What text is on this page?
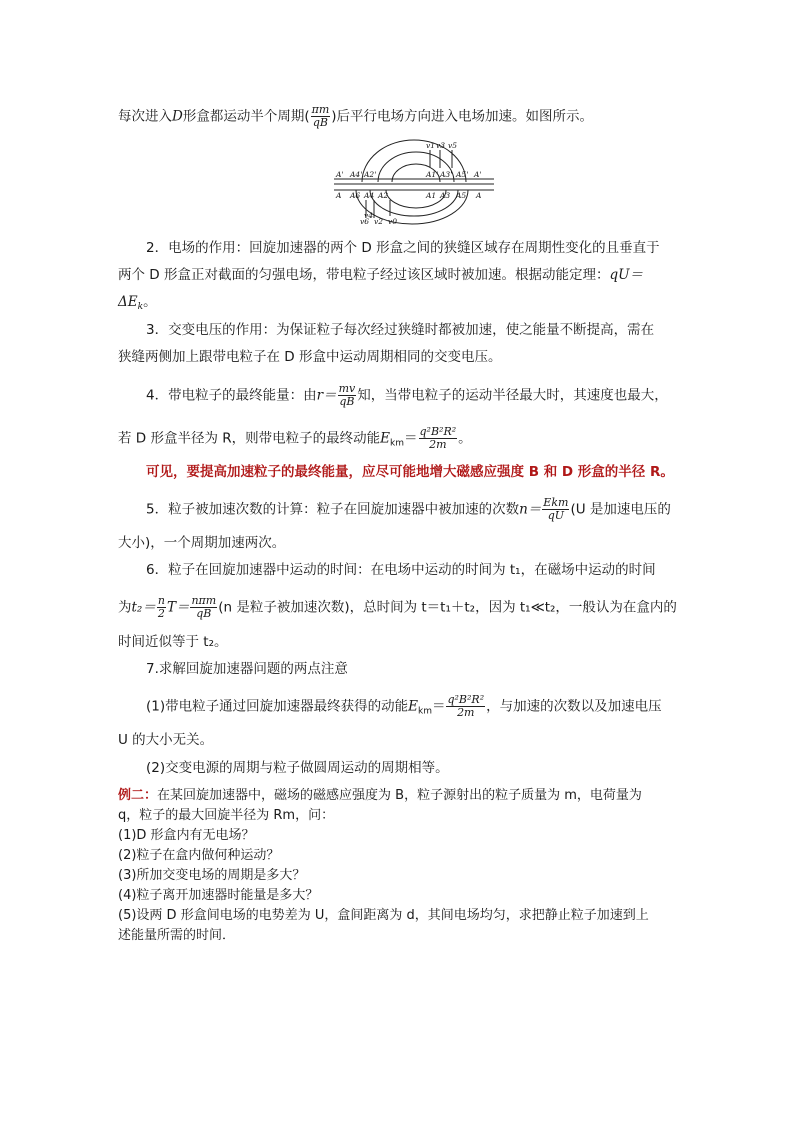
每次进入D形盒都运动半个周期( $\frac{\pi m}{qB}$ )后平行电场方向进入电场加速。如图所示。
v1 v3 v5
v6
v4
v2 v0
A' A4' A2'	A1' A3' A5' A'
A A6 A4 A2	A1 A3 A5 A
2．电场的作用：回旋加速器的两个 D 形盒之间的狭缝区域存在周期性变化的且垂直于
两个 D 形盒正对截面的匀强电场，带电粒子经过该区域时被加速。根据动能定理：qU＝
$\Delta E_k$。
3．交变电压的作用：为保证粒子每次经过狭缝时都被加速，使之能量不断提高，需在
狭缝两侧加上跟带电粒子在 D 形盒中运动周期相同的交变电压。
4．带电粒子的最终能量：由$r= \frac{mv}{qB}$ 知，当带电粒子的运动半径最大时，其速度也最大，
若 D 形盒半径为 R，则带电粒子的最终动能$E_{km}= \frac{\text{q²B²R²}}{2m}$ 。
可见，要提高加速粒子的最终能量，应尽可能地增大磁感应强度 B 和 D 形盒的半径 R。
5．粒子被加速次数的计算：粒子在回旋加速器中被加速的次数$n= \frac{\text{Ekm}}{qU} (U$ 是加速电压的
大小)，一个周期加速两次。
6．粒子在回旋加速器中运动的时间：在电场中运动的时间为 t₁，在磁场中运动的时间
为$t_2= \frac{n}{2} T= \frac{\text{nπm}}{qB} (n$ 是粒子被加速次数)，总时间为 t＝t₁＋t₂，因为 t₁≪t₂，一般认为在盒内的
时间近似等于 t₂。
7.求解回旋加速器问题的两点注意
(1)带电粒子通过回旋加速器最终获得的动能$E_{km}= \frac{\text{q²B²R²}}{2m}$ ，与加速的次数以及加速电压
U 的大小无关。
(2)交变电源的周期与粒子做圆周运动的周期相等。
例二：在某回旋加速器中，磁场的磁感应强度为 B，粒子源射出的粒子质量为 m，电荷量为
q，粒子的最大回旋半径为 Rm，问：
(1)D 形盒内有无电场？
(2)粒子在盒内做何种运动？
(3)所加交变电场的周期是多大？
(4)粒子离开加速器时能量是多大？
(5)设两 D 形盒间电场的电势差为 U，盒间距离为 d，其间电场均匀，求把静止粒子加速到上
述能量所需的时间．
